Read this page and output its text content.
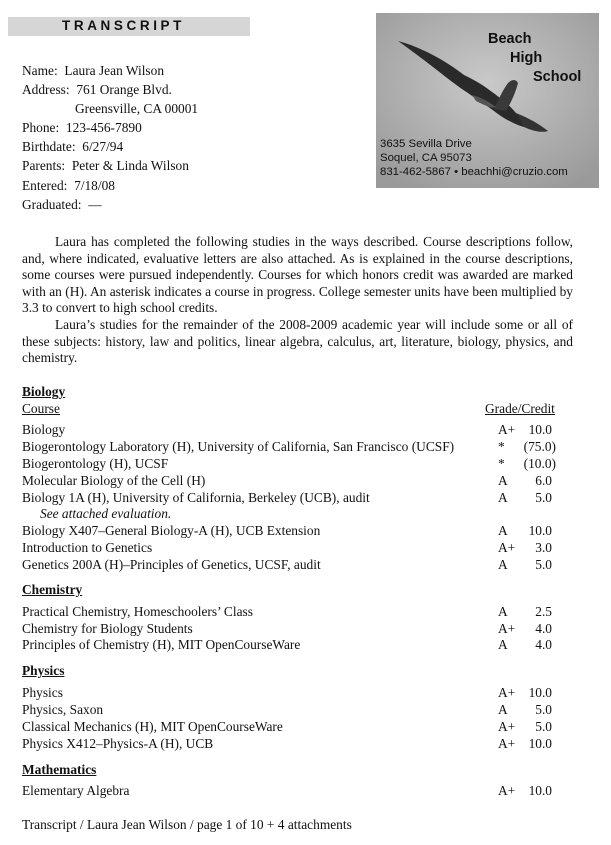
TRANSCRIPT
Name: Laura Jean Wilson
Address: 761 Orange Blvd.
Greensville, CA 00001
Phone: 123-456-7890
Birthdate: 6/27/94
Parents: Peter & Linda Wilson
Entered: 7/18/08
Graduated: —
Beach
High
School
3635 Sevilla Drive
Soquel, CA 95073
831-462-5867 • beachhi@cruzio.com
Laura has completed the following studies in the ways described. Course descriptions follow, and, where indicated, evaluative letters are also attached. As is explained in the course descriptions, some courses were pursued independently. Courses for which honors credit was awarded are marked with an (H). An asterisk indicates a course in progress. College semester units have been multiplied by 3.3 to convert to high school credits.
Laura’s studies for the remainder of the 2008-2009 academic year will include some or all of these subjects: history, law and politics, linear algebra, calculus, art, literature, biology, physics, and chemistry.
Biology
Course	Grade/Credit
Biology	A+ 10.0
Biogerontology Laboratory (H), University of California, San Francisco (UCSF)	*	(75.0)
Biogerontology (H), UCSF	*	(10.0)
Molecular Biology of the Cell (H)	A	6.0
Biology 1A (H), University of California, Berkeley (UCB), audit	A	5.0
See attached evaluation.
Biology X407–General Biology-A (H), UCB Extension	A	10.0
Introduction to Genetics	A+	3.0
Genetics 200A (H)–Principles of Genetics, UCSF, audit	A	5.0
Chemistry
Practical Chemistry, Homeschoolers’ Class	A	2.5
Chemistry for Biology Students	A+	4.0
Principles of Chemistry (H), MIT OpenCourseWare	A	4.0
Physics
Physics	A+ 10.0
Physics, Saxon	A	5.0
Classical Mechanics (H), MIT OpenCourseWare	A+	5.0
Physics X412–Physics-A (H), UCB	A+ 10.0
Mathematics
Elementary Algebra	A+ 10.0
Transcript / Laura Jean Wilson / page 1 of 10 + 4 attachments
